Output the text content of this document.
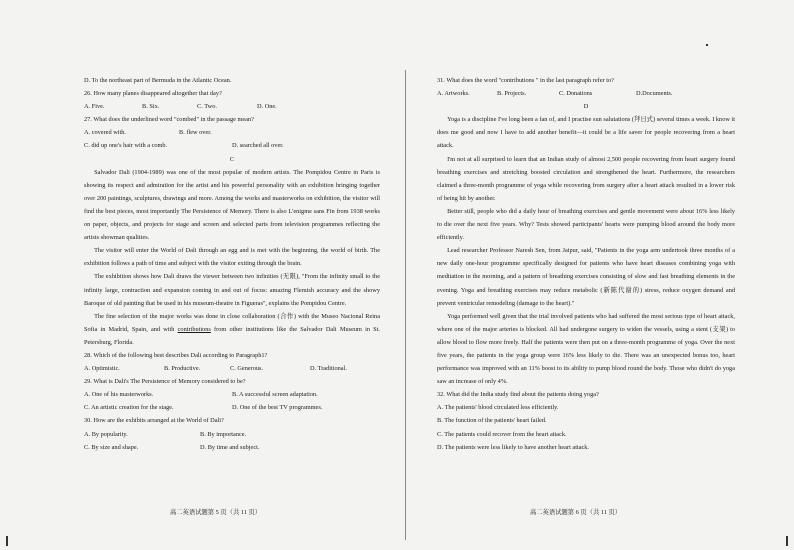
D. To the northeast part of Bermuda in the Atlantic Ocean.
26. How many planes disappeared altogether that day?
A. Five.	B. Six.	C. Two.	D. One.
27. What does the underlined word "combed" in the passage mean?
A. covered with.	B. flew over.
C. did up one's hair with a comb.	D. searched all over.
C

Salvador Dali (1904-1989) was one of the most popular of modern artists. The Pompidou Centre in Paris is showing its respect and admiration for the artist and his powerful personality with an exhibition bringing together over 200 paintings, sculptures, drawings and more. Among the works and masterworks on exhibition, the visitor will find the best pieces, most importantly The Persistence of Memory. There is also L'enigme sans Fin from 1938 works on paper, objects, and projects for stage and screen and selected parts from television programmes reflecting the artists showman qualities.

The visitor will enter the World of Dali through an egg and is met with the beginning, the world of birth. The exhibition follows a path of time and subject with the visitor exiting through the brain.

The exhibition shows how Dali draws the viewer between two infinities (无限), "From the infinity small to the infinity large, contraction and expansion coming in and out of focus: amazing Flemish accuracy and the showy Baroque of old painting that be used in his museum-theatre in Figueras", explains the Pompidou Centre.

The fine selection of the major works was done in close collaboration (合作) with the Museo Nacional Reina Sofia in Madrid, Spain, and with contributions from other institutions like the Salvador Dali Museum in St. Petersburg, Florida.

28. Which of the following best describes Dali according to Paragraph1?
A. Optimistic.	B. Productive.	C. Generous.	D. Traditional.
29. What is Dali's The Persistence of Memory considered to be?
A. One of his masterworks.	B. A successful screen adaptation.
C. An artistic creation for the stage.	D. One of the best TV programmes.
30. How are the exhibits arranged at the World of Dali?
A. By popularity.	B. By importance.
C. By size and shape.	D. By time and subject.
高二英语试题第 5 页（共 11 页）
31. What does the word "contributions " in the last paragraph refer to?
A. Artworks.	B. Projects.	C. Donations	D.Documents.
D

Yoga is a discipline I've long been a fan of, and I practise sun salutations (拜日式) several times a week. I know it does me good and now I have to add another benefit—it could be a life saver for people recovering from a heart attack.

I'm not at all surprised to learn that an Indian study of almost 2,500 people recovering from heart surgery found breathing exercises and stretching boosted circulation and strengthened the heart. Furthermore, the researchers claimed a three-month programme of yoga while recovering from surgery after a heart attack resulted in a lower risk of being hit by another.

Better still, people who did a daily hour of breathing exercises and gentle movement were about 16% less likely to die over the next five years. Why? Tests showed participants' hearts were pumping blood around the body more efficiently.

Lead researcher Professor Naresh Sen, from Jaipur, said, "Patients in the yoga arm undertook three months of a new daily one-hour programme specifically designed for patients who have heart diseases combining yoga with meditation in the morning, and a pattern of breathing exercises consisting of slow and fast breathing elements in the evening. Yoga and breathing exercises may reduce metabolic (新陈代谢的) stress, reduce oxygen demand and prevent ventricular remodeling (damage to the heart)."

Yoga performed well given that the trial involved patients who had suffered the most serious type of heart attack, where one of the major arteries is blocked. All had undergone surgery to widen the vessels, using a stent (支架) to allow blood to flow more freely. Half the patients were then put on a three-month programme of yoga. Over the next five years, the patients in the yoga group were 16% less likely to die. There was an unexpected bonus too, heart performance was improved with an 11% boost to its ability to pump blood round the body. Those who didn't do yoga saw an increase of only 4%.

32. What did the India study find about the patients doing yoga?
A. The patients' blood circulated less efficiently.
B. The function of the patients' heart failed.
C. The patients could recover from the heart attack.
D. The patients were less likely to have another heart attack.
高二英语试题第 6 页（共 11 页）
